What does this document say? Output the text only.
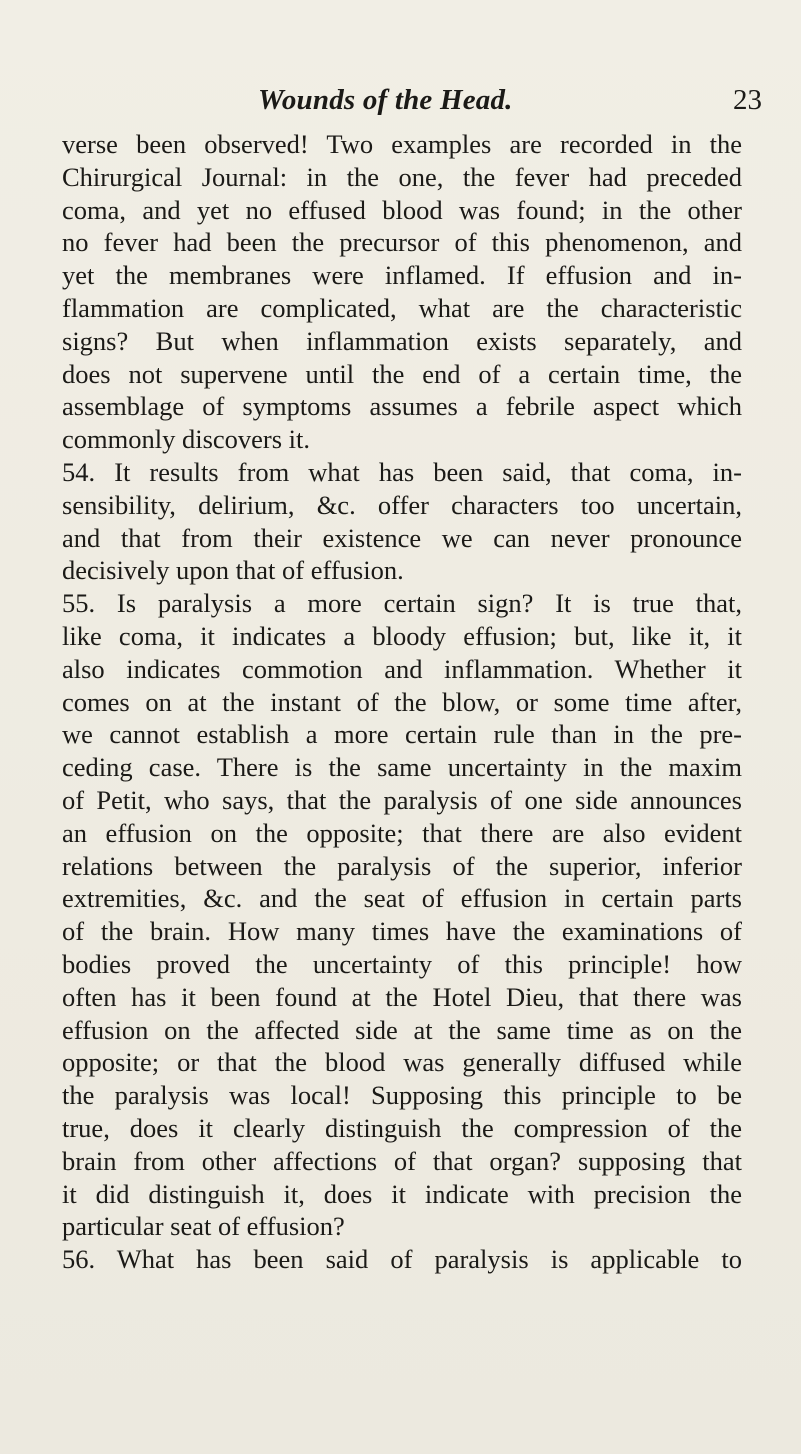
Wounds of the Head.	23
verse been observed! Two examples are recorded in the
Chirurgical Journal: in the one, the fever had preceded
coma, and yet no effused blood was found; in the other
no fever had been the precursor of this phenomenon, and
yet the membranes were inflamed. If effusion and in-
flammation are complicated, what are the characteristic
signs? But when inflammation exists separately, and
does not supervene until the end of a certain time, the
assemblage of symptoms assumes a febrile aspect which
commonly discovers it.
54. It results from what has been said, that coma, in-
sensibility, delirium, &c. offer characters too uncertain,
and that from their existence we can never pronounce
decisively upon that of effusion.
55. Is paralysis a more certain sign? It is true that,
like coma, it indicates a bloody effusion; but, like it, it
also indicates commotion and inflammation. Whether it
comes on at the instant of the blow, or some time after,
we cannot establish a more certain rule than in the pre-
ceding case. There is the same uncertainty in the maxim
of Petit, who says, that the paralysis of one side announces
an effusion on the opposite; that there are also evident
relations between the paralysis of the superior, inferior
extremities, &c. and the seat of effusion in certain parts
of the brain. How many times have the examinations of
bodies proved the uncertainty of this principle! how
often has it been found at the Hotel Dieu, that there was
effusion on the affected side at the same time as on the
opposite; or that the blood was generally diffused while
the paralysis was local! Supposing this principle to be
true, does it clearly distinguish the compression of the
brain from other affections of that organ? supposing that
it did distinguish it, does it indicate with precision the
particular seat of effusion?
56. What has been said of paralysis is applicable to
